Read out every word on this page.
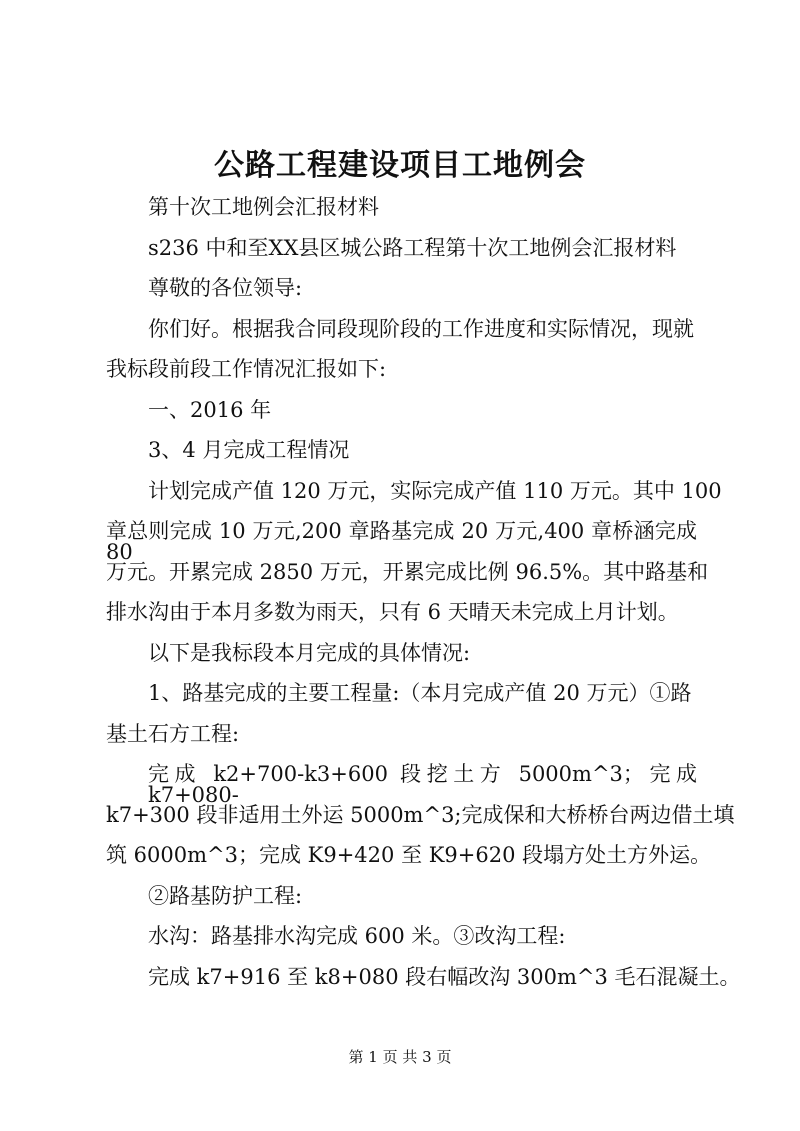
公路工程建设项目工地例会
第十次工地例会汇报材料
s236 中和至XX县区城公路工程第十次工地例会汇报材料
尊敬的各位领导:
你们好。根据我合同段现阶段的工作进度和实际情况，现就
我标段前段工作情况汇报如下:
一、2016 年
3、4 月完成工程情况
计划完成产值 120 万元，实际完成产值 110 万元。其中 100
章总则完成 10 万元,200 章路基完成 20 万元,400 章桥涵完成 80
万元。开累完成 2850 万元，开累完成比例 96.5%。其中路基和
排水沟由于本月多数为雨天，只有 6 天晴天未完成上月计划。
以下是我标段本月完成的具体情况:
1、路基完成的主要工程量:（本月完成产值 20 万元）①路
基土石方工程:
完成 k2+700-k3+600 段挖土方 5000m^3；完成 k7+080-
k7+300 段非适用土外运 5000m^3;完成保和大桥桥台两边借土填
筑 6000m^3；完成 K9+420 至 K9+620 段塌方处土方外运。
②路基防护工程:
水沟：路基排水沟完成 600 米。③改沟工程:
完成 k7+916 至 k8+080 段右幅改沟 300m^3 毛石混凝土。
第 1 页 共 3 页
